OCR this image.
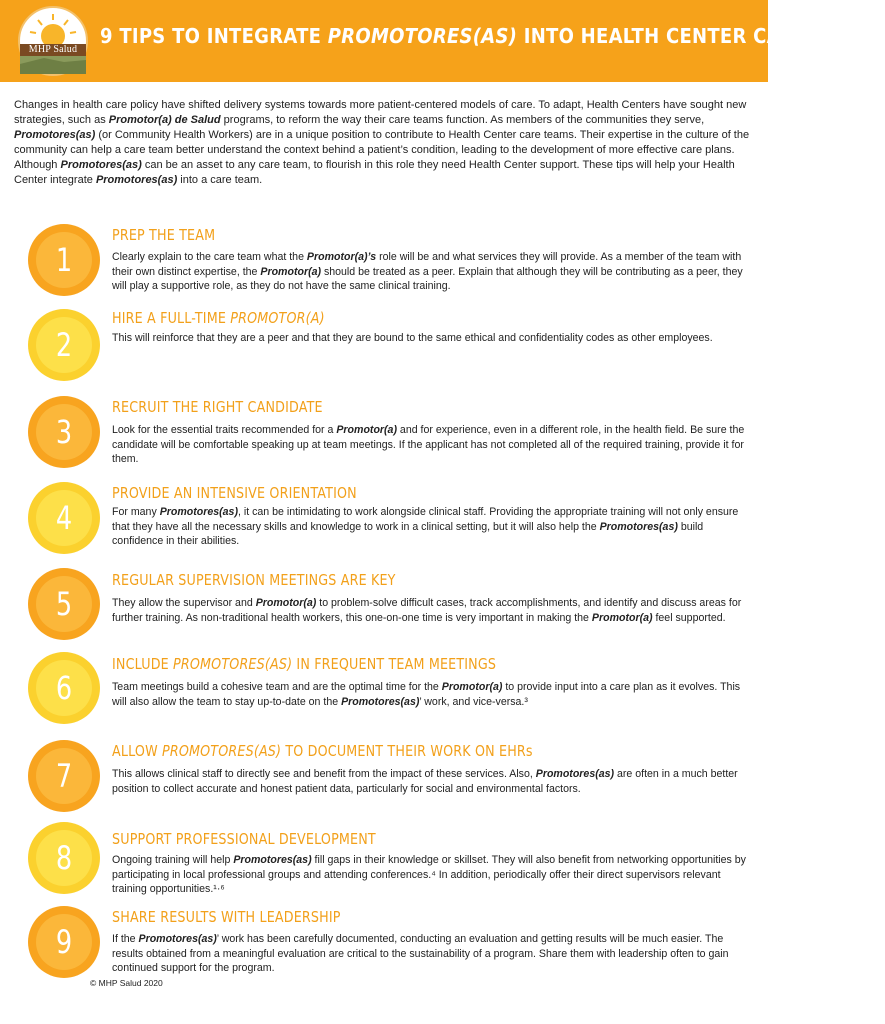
MHP Salud
9 TIPS TO INTEGRATE PROMOTORES(AS) INTO HEALTH CENTER CARE TEAMS
Changes in health care policy have shifted delivery systems towards more patient-centered models of care. To adapt, Health Centers have sought new strategies, such as Promotor(a) de Salud programs, to reform the way their care teams function. As members of the communities they serve, Promotores(as) (or Community Health Workers) are in a unique position to contribute to Health Center care teams. Their expertise in the culture of the community can help a care team better understand the context behind a patient’s condition, leading to the development of more effective care plans. Although Promotores(as) can be an asset to any care team, to flourish in this role they need Health Center support. These tips will help your Health Center integrate Promotores(as) into a care team.
1
PREP THE TEAM
Clearly explain to the care team what the Promotor(a)’s role will be and what services they will provide. As a member of the team with their own distinct expertise, the Promotor(a) should be treated as a peer. Explain that although they will be contributing as a peer, they will play a supportive role, as they do not have the same clinical training.
2
HIRE A FULL-TIME PROMOTOR(A)
This will reinforce that they are a peer and that they are bound to the same ethical and confidentiality codes as other employees.
3
RECRUIT THE RIGHT CANDIDATE
Look for the essential traits recommended for a Promotor(a) and for experience, even in a different role, in the health field. Be sure the candidate will be comfortable speaking up at team meetings. If the applicant has not completed all of the required training, provide it for them.
4
PROVIDE AN INTENSIVE ORIENTATION
For many Promotores(as), it can be intimidating to work alongside clinical staff. Providing the appropriate training will not only ensure that they have all the necessary skills and knowledge to work in a clinical setting, but it will also help the Promotores(as) build confidence in their abilities.
5
REGULAR SUPERVISION MEETINGS ARE KEY
They allow the supervisor and Promotor(a) to problem-solve difficult cases, track accomplishments, and identify and discuss areas for further training. As non-traditional health workers, this one-on-one time is very important in making the Promotor(a) feel supported.
6
INCLUDE PROMOTORES(AS) IN FREQUENT TEAM MEETINGS
Team meetings build a cohesive team and are the optimal time for the Promotor(a) to provide input into a care plan as it evolves. This will also allow the team to stay up-to-date on the Promotores(as)’ work, and vice-versa.³
7
ALLOW PROMOTORES(AS) TO DOCUMENT THEIR WORK ON EHRs
This allows clinical staff to directly see and benefit from the impact of these services. Also, Promotores(as) are often in a much better position to collect accurate and honest patient data, particularly for social and environmental factors.
8	SUPPORT PROFESSIONAL DEVELOPMENT
Ongoing training will help Promotores(as) fill gaps in their knowledge or skillset. They will also benefit from networking opportunities by participating in local professional groups and attending conferences.⁴ In addition, periodically offer their direct supervisors relevant training opportunities.¹·⁶
9
SHARE RESULTS WITH LEADERSHIP
If the Promotores(as)’ work has been carefully documented, conducting an evaluation and getting results will be much easier. The results obtained from a meaningful evaluation are critical to the sustainability of a program. Share them with leadership often to gain continued support for the program.
© MHP Salud 2020
